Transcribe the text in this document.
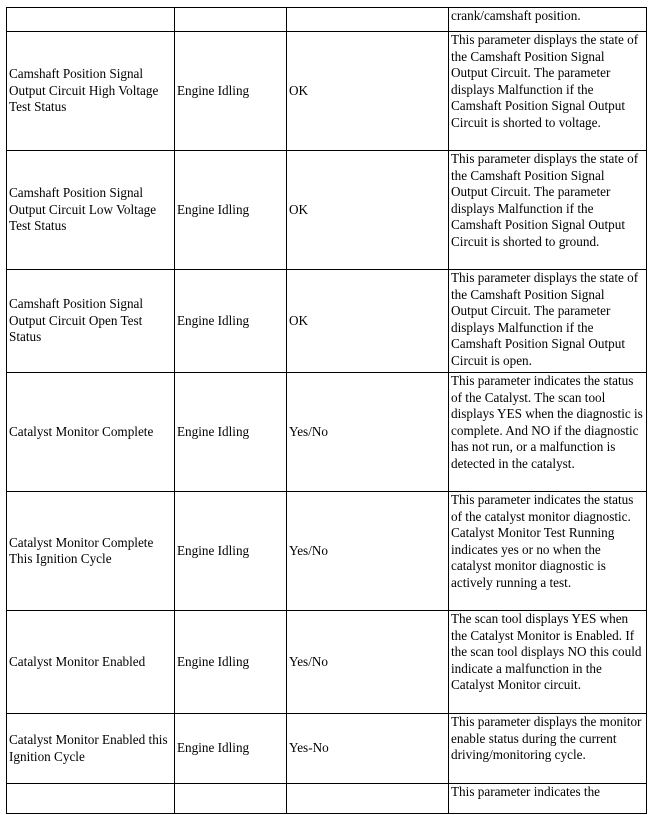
			crank/camshaft position.

Camshaft Position Signal Output Circuit High Voltage Test Status	Engine Idling	OK	This parameter displays the state of the Camshaft Position Signal Output Circuit. The parameter displays Malfunction if the Camshaft Position Signal Output Circuit is shorted to voltage.

Camshaft Position Signal Output Circuit Low Voltage Test Status	Engine Idling	OK	This parameter displays the state of the Camshaft Position Signal Output Circuit. The parameter displays Malfunction if the Camshaft Position Signal Output Circuit is shorted to ground.

Camshaft Position Signal Output Circuit Open Test Status	Engine Idling	OK	This parameter displays the state of the Camshaft Position Signal Output Circuit. The parameter displays Malfunction if the Camshaft Position Signal Output Circuit is open.

Catalyst Monitor Complete	Engine Idling	Yes/No	This parameter indicates the status of the Catalyst. The scan tool displays YES when the diagnostic is complete. And NO if the diagnostic has not run, or a malfunction is detected in the catalyst.

Catalyst Monitor Complete This Ignition Cycle	Engine Idling	Yes/No	This parameter indicates the status of the catalyst monitor diagnostic. Catalyst Monitor Test Running indicates yes or no when the catalyst monitor diagnostic is actively running a test.

Catalyst Monitor Enabled	Engine Idling	Yes/No	The scan tool displays YES when the Catalyst Monitor is Enabled. If the scan tool displays NO this could indicate a malfunction in the Catalyst Monitor circuit.

Catalyst Monitor Enabled this Ignition Cycle	Engine Idling	Yes-No	This parameter displays the monitor enable status during the current driving/monitoring cycle.

			This parameter indicates the
